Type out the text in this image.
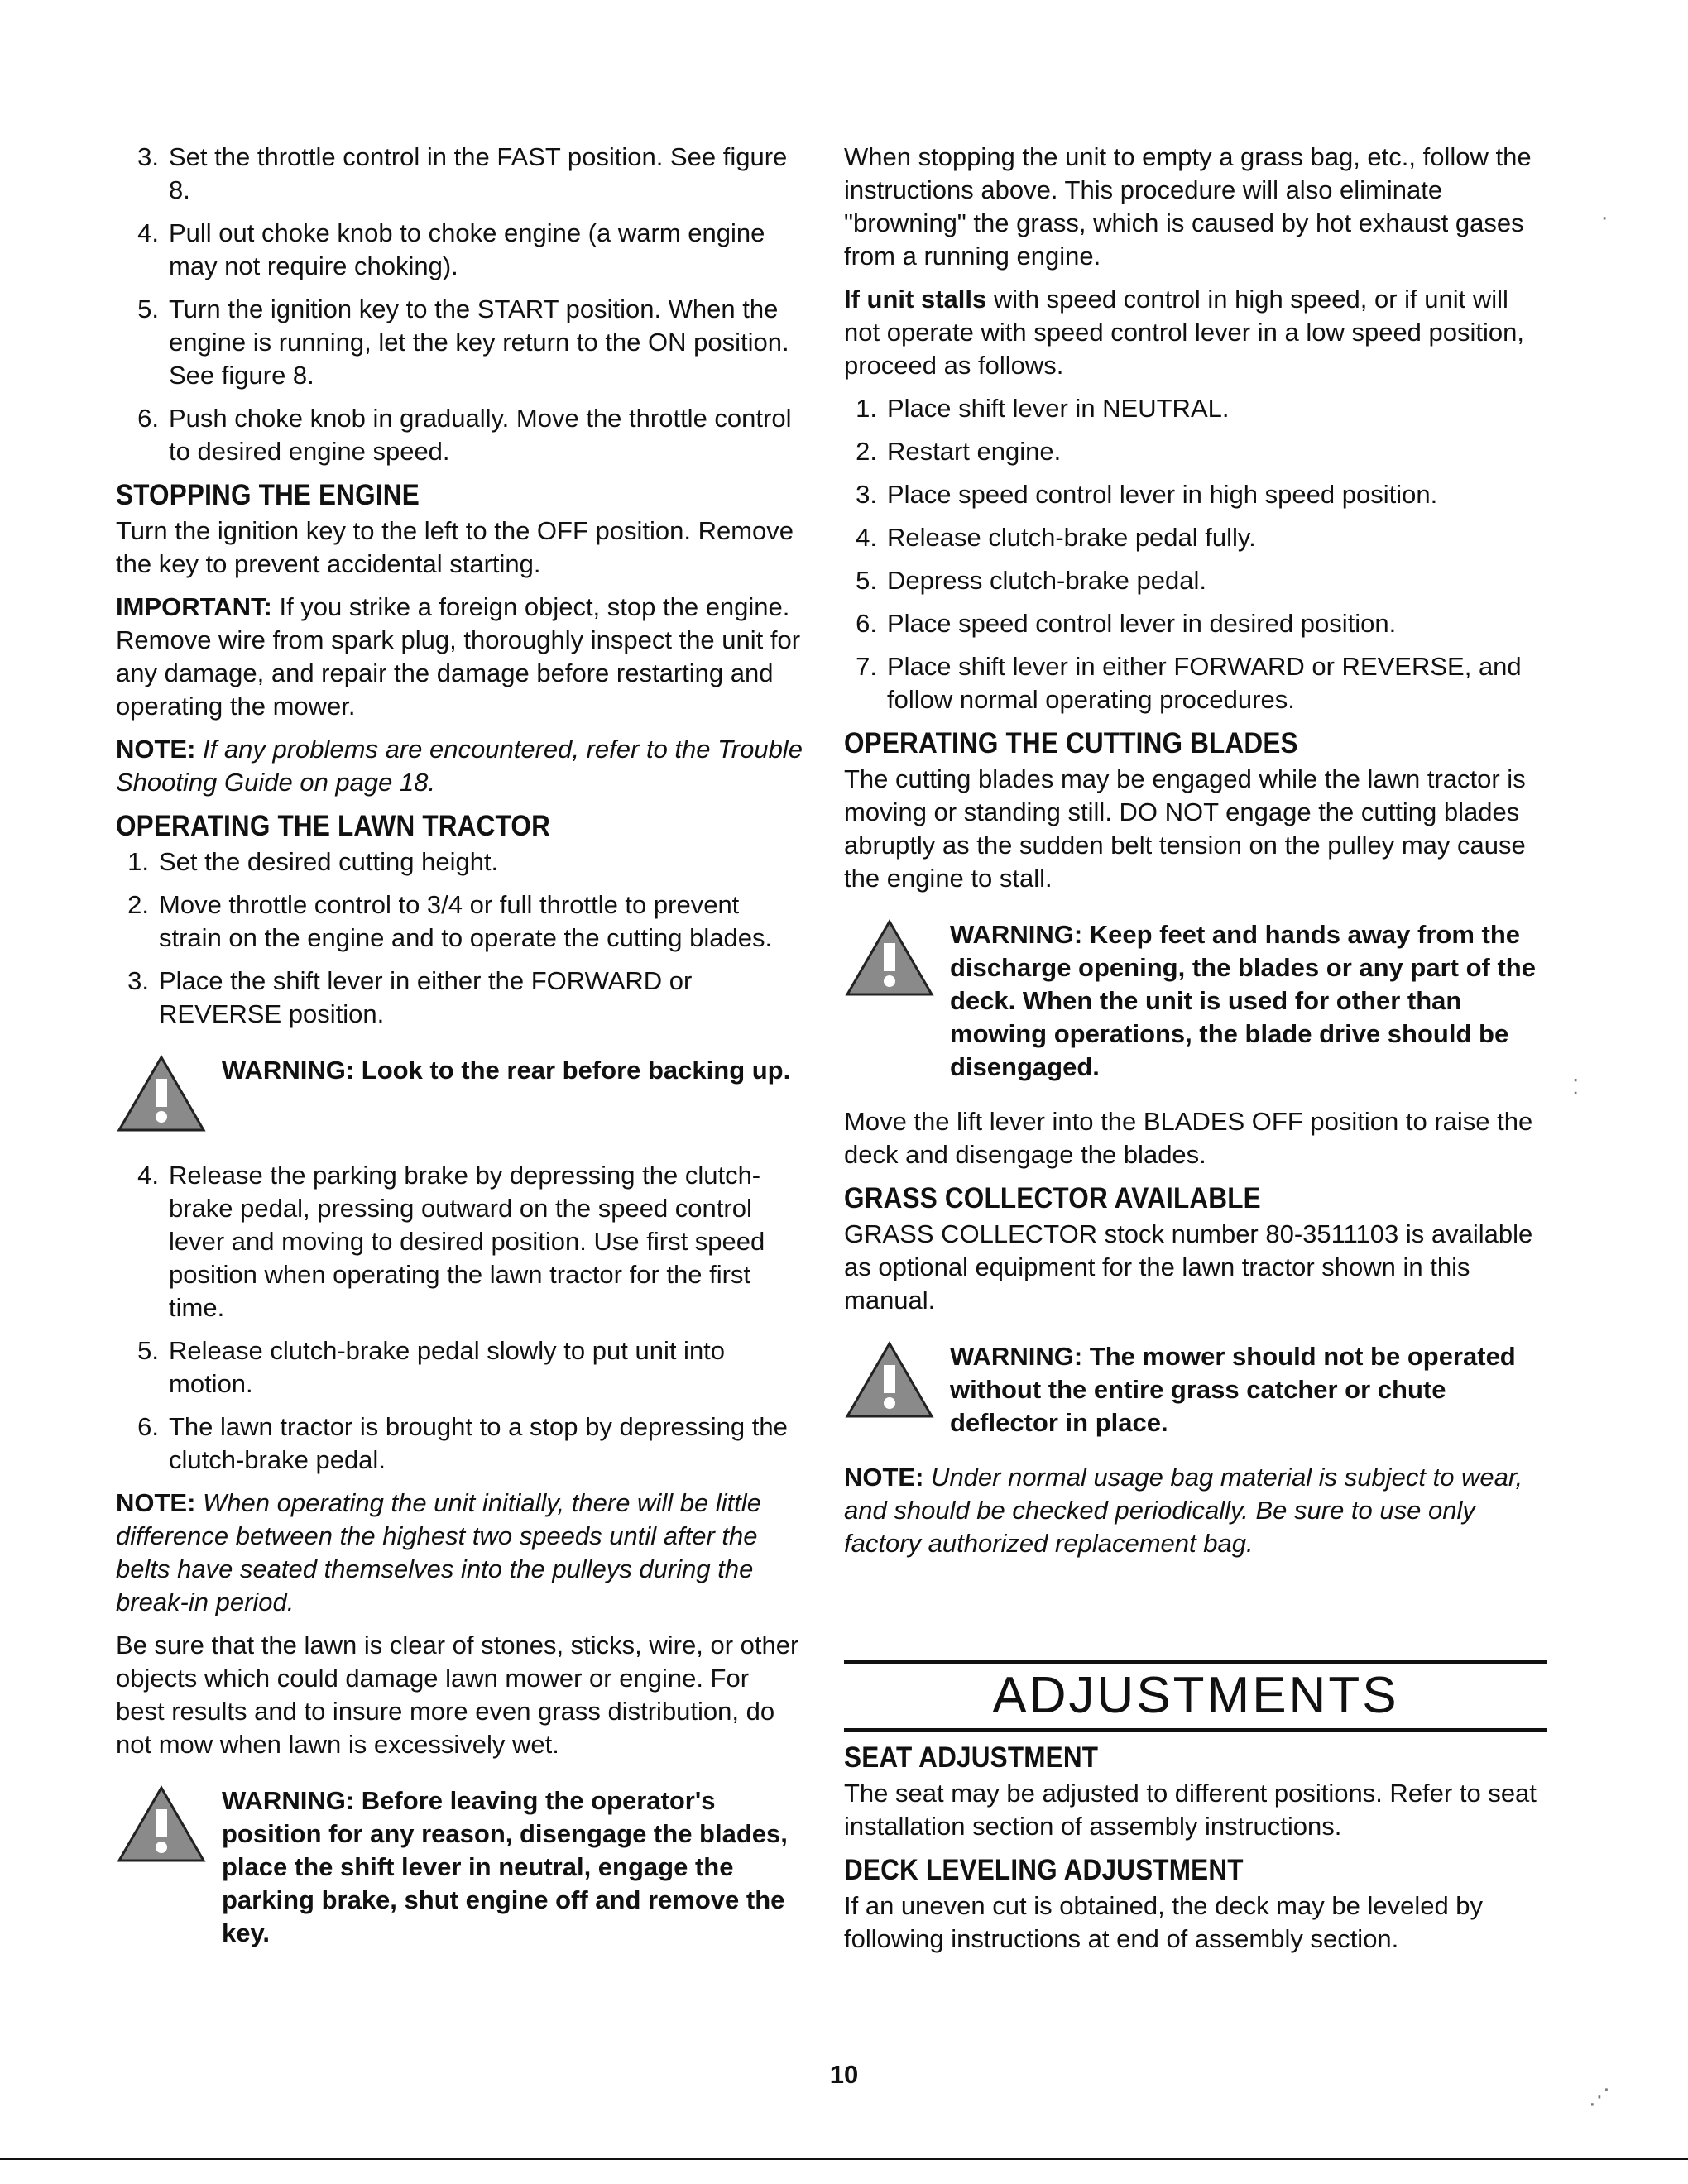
3. Set the throttle control in the FAST position. See figure 8.
4. Pull out choke knob to choke engine (a warm engine may not require choking).
5. Turn the ignition key to the START position. When the engine is running, let the key return to the ON position. See figure 8.
6. Push choke knob in gradually. Move the throttle control to desired engine speed.
STOPPING THE ENGINE

Turn the ignition key to the left to the OFF position. Remove the key to prevent accidental starting.

IMPORTANT: If you strike a foreign object, stop the engine. Remove wire from spark plug, thoroughly inspect the unit for any damage, and repair the damage before restarting and operating the mower.

NOTE: If any problems are encountered, refer to the Trouble Shooting Guide on page 18.

OPERATING THE LAWN TRACTOR
1. Set the desired cutting height.
2. Move throttle control to 3/4 or full throttle to prevent strain on the engine and to operate the cutting blades.
3. Place the shift lever in either the FORWARD or REVERSE position.
WARNING: Look to the rear before backing up.
4. Release the parking brake by depressing the clutch-brake pedal, pressing outward on the speed control lever and moving to desired position. Use first speed position when operating the lawn tractor for the first time.
5. Release clutch-brake pedal slowly to put unit into motion.
6. The lawn tractor is brought to a stop by depressing the clutch-brake pedal.

NOTE: When operating the unit initially, there will be little difference between the highest two speeds until after the belts have seated themselves into the pulleys during the break-in period.

Be sure that the lawn is clear of stones, sticks, wire, or other objects which could damage lawn mower or engine. For best results and to insure more even grass distribution, do not mow when lawn is excessively wet.

WARNING: Before leaving the operator's position for any reason, disengage the blades, place the shift lever in neutral, engage the parking brake, shut engine off and remove the key.

When stopping the unit to empty a grass bag, etc., follow the instructions above. This procedure will also eliminate "browning" the grass, which is caused by hot exhaust gases from a running engine.

If unit stalls with speed control in high speed, or if unit will not operate with speed control lever in a low speed position, proceed as follows.

1. Place shift lever in NEUTRAL.
2. Restart engine.
3. Place speed control lever in high speed position.
4. Release clutch-brake pedal fully.
5. Depress clutch-brake pedal.
6. Place speed control lever in desired position.
7. Place shift lever in either FORWARD or REVERSE, and follow normal operating procedures.
OPERATING THE CUTTING BLADES

The cutting blades may be engaged while the lawn tractor is moving or standing still. DO NOT engage the cutting blades abruptly as the sudden belt tension on the pulley may cause the engine to stall.

WARNING: Keep feet and hands away from the discharge opening, the blades or any part of the deck. When the unit is used for other than mowing operations, the blade drive should be disengaged.

Move the lift lever into the BLADES OFF position to raise the deck and disengage the blades.

GRASS COLLECTOR AVAILABLE

GRASS COLLECTOR stock number 80-3511103 is available as optional equipment for the lawn tractor shown in this manual.

WARNING: The mower should not be operated without the entire grass catcher or chute deflector in place.

NOTE: Under normal usage bag material is subject to wear, and should be checked periodically. Be sure to use only factory authorized replacement bag.

ADJUSTMENTS
SEAT ADJUSTMENT

The seat may be adjusted to different positions. Refer to seat installation section of assembly instructions.

DECK LEVELING ADJUSTMENT

If an uneven cut is obtained, the deck may be leveled by following instructions at end of assembly section.

10
·
⁚
⋰
